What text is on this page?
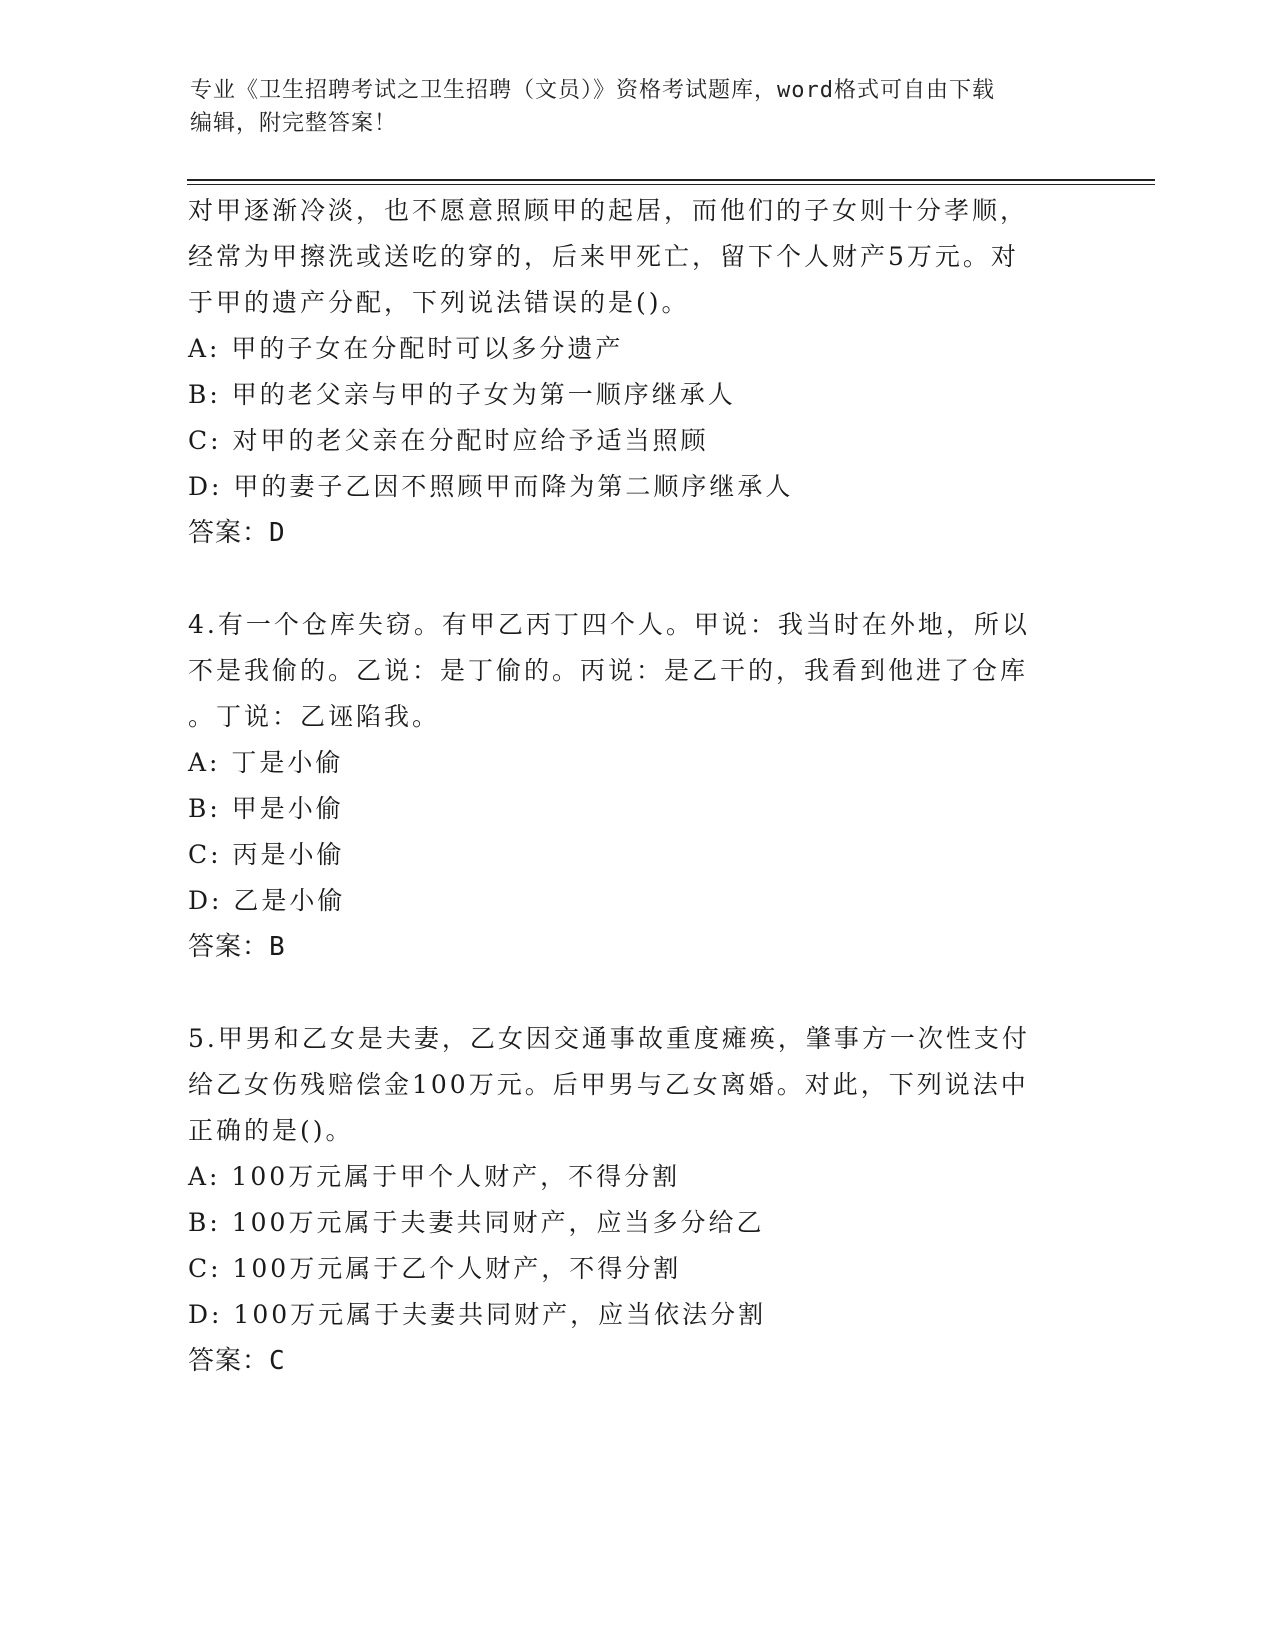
专业《卫生招聘考试之卫生招聘（文员）》资格考试题库，word格式可自由下载
编辑，附完整答案！
对甲逐渐冷淡，也不愿意照顾甲的起居，而他们的子女则十分孝顺，
经常为甲擦洗或送吃的穿的，后来甲死亡，留下个人财产5万元。对
于甲的遗产分配，下列说法错误的是()。
A: 甲的子女在分配时可以多分遗产
B: 甲的老父亲与甲的子女为第一顺序继承人
C: 对甲的老父亲在分配时应给予适当照顾
D: 甲的妻子乙因不照顾甲而降为第二顺序继承人
答案：D
4.有一个仓库失窃。有甲乙丙丁四个人。甲说：我当时在外地，所以
不是我偷的。乙说：是丁偷的。丙说：是乙干的，我看到他进了仓库
。丁说：乙诬陷我。
A: 丁是小偷
B: 甲是小偷
C: 丙是小偷
D: 乙是小偷
答案：B
5.甲男和乙女是夫妻，乙女因交通事故重度瘫痪，肇事方一次性支付
给乙女伤残赔偿金100万元。后甲男与乙女离婚。对此，下列说法中
正确的是()。
A: 100万元属于甲个人财产，不得分割
B: 100万元属于夫妻共同财产，应当多分给乙
C: 100万元属于乙个人财产，不得分割
D: 100万元属于夫妻共同财产，应当依法分割
答案：C
